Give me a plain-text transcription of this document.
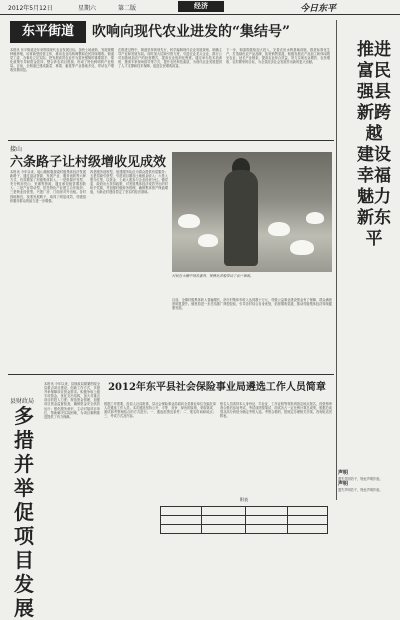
2012年5月12日	星期六	第二版	经济	今日东平
东平街道	吹响向现代农业进发的“集结号”
本报讯 东平街道近年来围绕现代农业发展目标，加快土地流转，发展规模种植养殖，培育新型经营主体，推动农业结构调整和农民持续增收。街道党工委、办事处立足实际，把发展高效农业作为富民强街的重要抓手，强化政策引导和资金扶持，整合涉农项目资源，形成了特色鲜明的产业格局。目前，全街道已建成蔬菜、林果、畜禽等产业基地多处，带动农户增收效果明显。
在推进过程中，街道坚持规划先行，科学编制现代农业发展规划，明确主导产业和发展布局。同时加大招商引资力度，引进农业龙头企业，推行公司加基地加农户的经营模式，提高农业组织化程度。通过举办技术培训班、邀请专家现场指导等方式，提升农民科技素质，为现代农业发展提供了人才支撑和技术保障，促进农民增收致富。
下一步，街道将继续加大投入，完善农田水利基础设施，推进标准化生产，打造绿色农产品品牌，拓宽销售渠道，积极发展农产品加工和休闲观光农业，延长产业链条，提高农业综合效益，努力实现农业增效、农民增收、农村繁荣的目标，为全县经济社会发展作出新的更大贡献。
接山
六条路子让村级增收见成效
本报讯 今年以来，接山镇积极探索村级集体经济发展新路子，通过盘活资源、发展产业、服务创收等六种方式，有效增加了村级集体收入。一是资源开发型，充分利用荒山、荒滩等资源，通过承包租赁增加收入；二是产业带动型，依托特色产业建立合作组织；三是物业经营型，兴建厂房、门面房对外出租。各村因地制宜，找准发展路子，取得了明显成效，村级组织服务群众的能力进一步增强。
四是服务创收型，组建服务队伍为群众提供有偿服务；五是招商引资型，引进项目增加土地租金收入；六是入股分红型，以资金、土地入股参与企业经营分红。镇党委、政府出台扶持政策，对发展集体经济成效突出的村给予奖励，并加强村级财务管理，确保集体资产保值增值，为新农村建设奠定了坚实的经济基础。
村民在大棚中饲养蛋鸡，规模化养殖带动了农户增收。
目前，全镇村级集体收入普遍增长，部分村集体年收入达到数十万元，村级公益事业建设资金有了保障，群众满意度明显提升。镇里将进一步总结推广典型经验，引导各村结合自身优势，拓宽增收渠道，推动村级集体经济持续健康发展。
县财政局
多措并举促项目发展
本报讯 今年以来，县财政局紧紧围绕全县重点项目建设，创新工作方式，多措并举保障项目资金需求。积极争取上级专项资金，优化支出结构，加大对重点项目的投入力度；规范资金管理，加强项目资金监督检查，确保资金安全高效运行；强化服务意识，主动对接项目单位，帮助解决实际困难，为项目顺利推进提供了有力保障。
2012年东平县社会保险事业局遴选工作人员简章
根据工作需要，经县人社局批准，县社会保险事业局面向全县事业单位在编在岗人员遴选工作人员。本次遴选坚持公开、平等、竞争、择优的原则，采取笔试、面试和考察相结合的方式进行。一、遴选范围及条件；二、报名时间和地点；三、考试方式及内容。
报名人员须持本人身份证、毕业证、工作证明等材料到指定地点报名，经资格审查合格后参加考试。考试成绩按笔试、面试各占一定比例计算总成绩，根据总成绩从高分到低分确定考察人选。考察合格的，按规定办理相关手续。咨询电话见附表。
附表
推进富民强县新跨越 建设幸福魅力新东平
声明
遗失声明若干，特此声明作废。
声明
遗失声明若干，特此声明作废。
